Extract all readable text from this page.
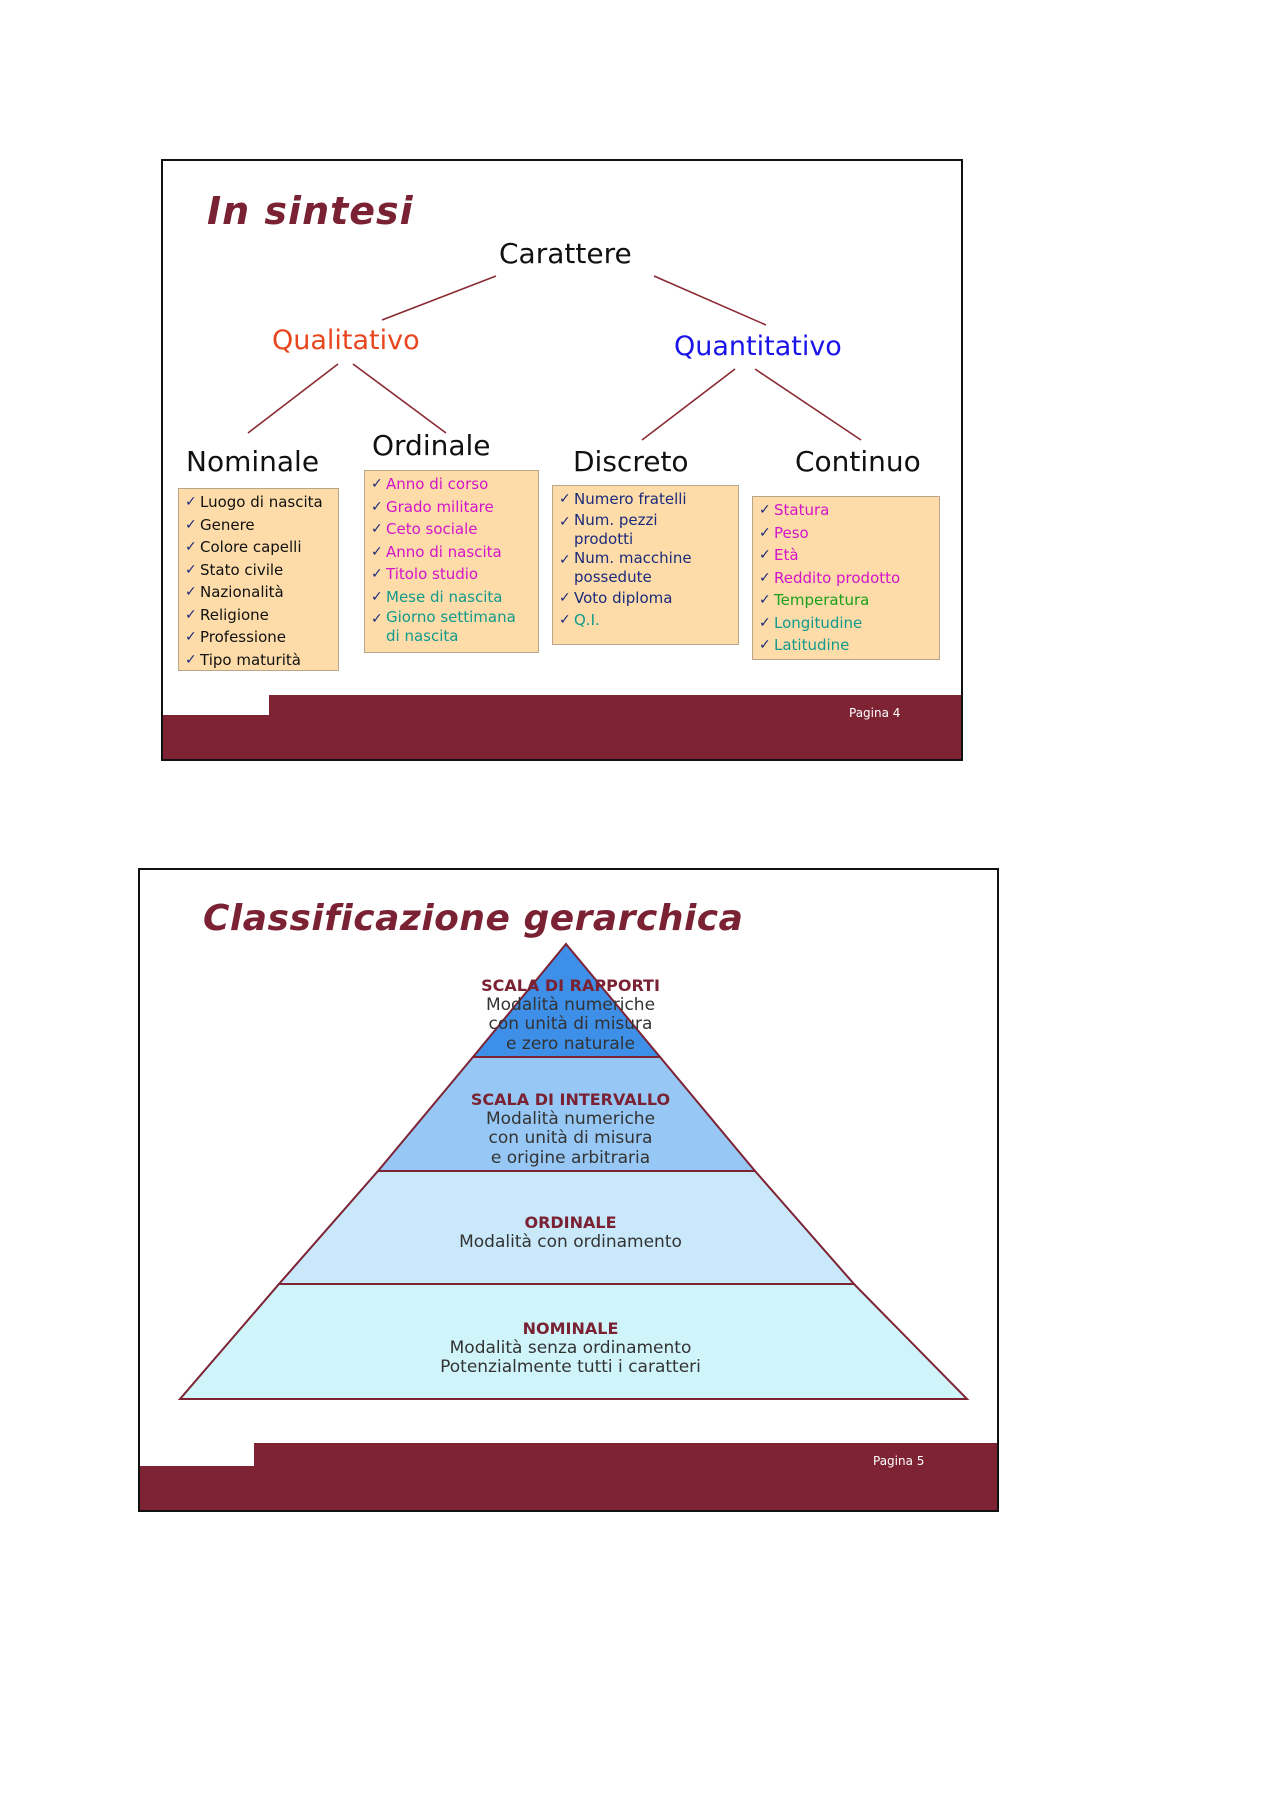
In sintesi
Carattere
Qualitativo	Quantitativo
Nominale Ordinale	Discreto	Continuo
✓ Luogo di nascita
✓ Genere
✓ Colore capelli
✓ Stato civile
✓ Nazionalità
✓ Religione
✓ Professione
✓ Tipo maturità
✓ Anno di corso
✓ Grado militare
✓ Ceto sociale
✓ Anno di nascita
✓ Titolo studio
✓ Mese di nascita
✓ Giorno settimana di nascita
✓ Numero fratelli
✓ Num. pezzi prodotti
✓ Num. macchine possedute
✓ Voto diploma
✓ Q.I.
✓ Statura
✓ Peso
✓ Età
✓ Reddito prodotto
✓ Temperatura
✓ Longitudine
✓ Latitudine
Pagina 4
Classificazione gerarchica
SCALA DI RAPPORTI
Modalità numeriche
con unità di misura
e zero naturale
SCALA DI INTERVALLO
Modalità numeriche
con unità di misura
e origine arbitraria
ORDINALE
Modalità con ordinamento
NOMINALE
Modalità senza ordinamento
Potenzialmente tutti i caratteri
Pagina 5
